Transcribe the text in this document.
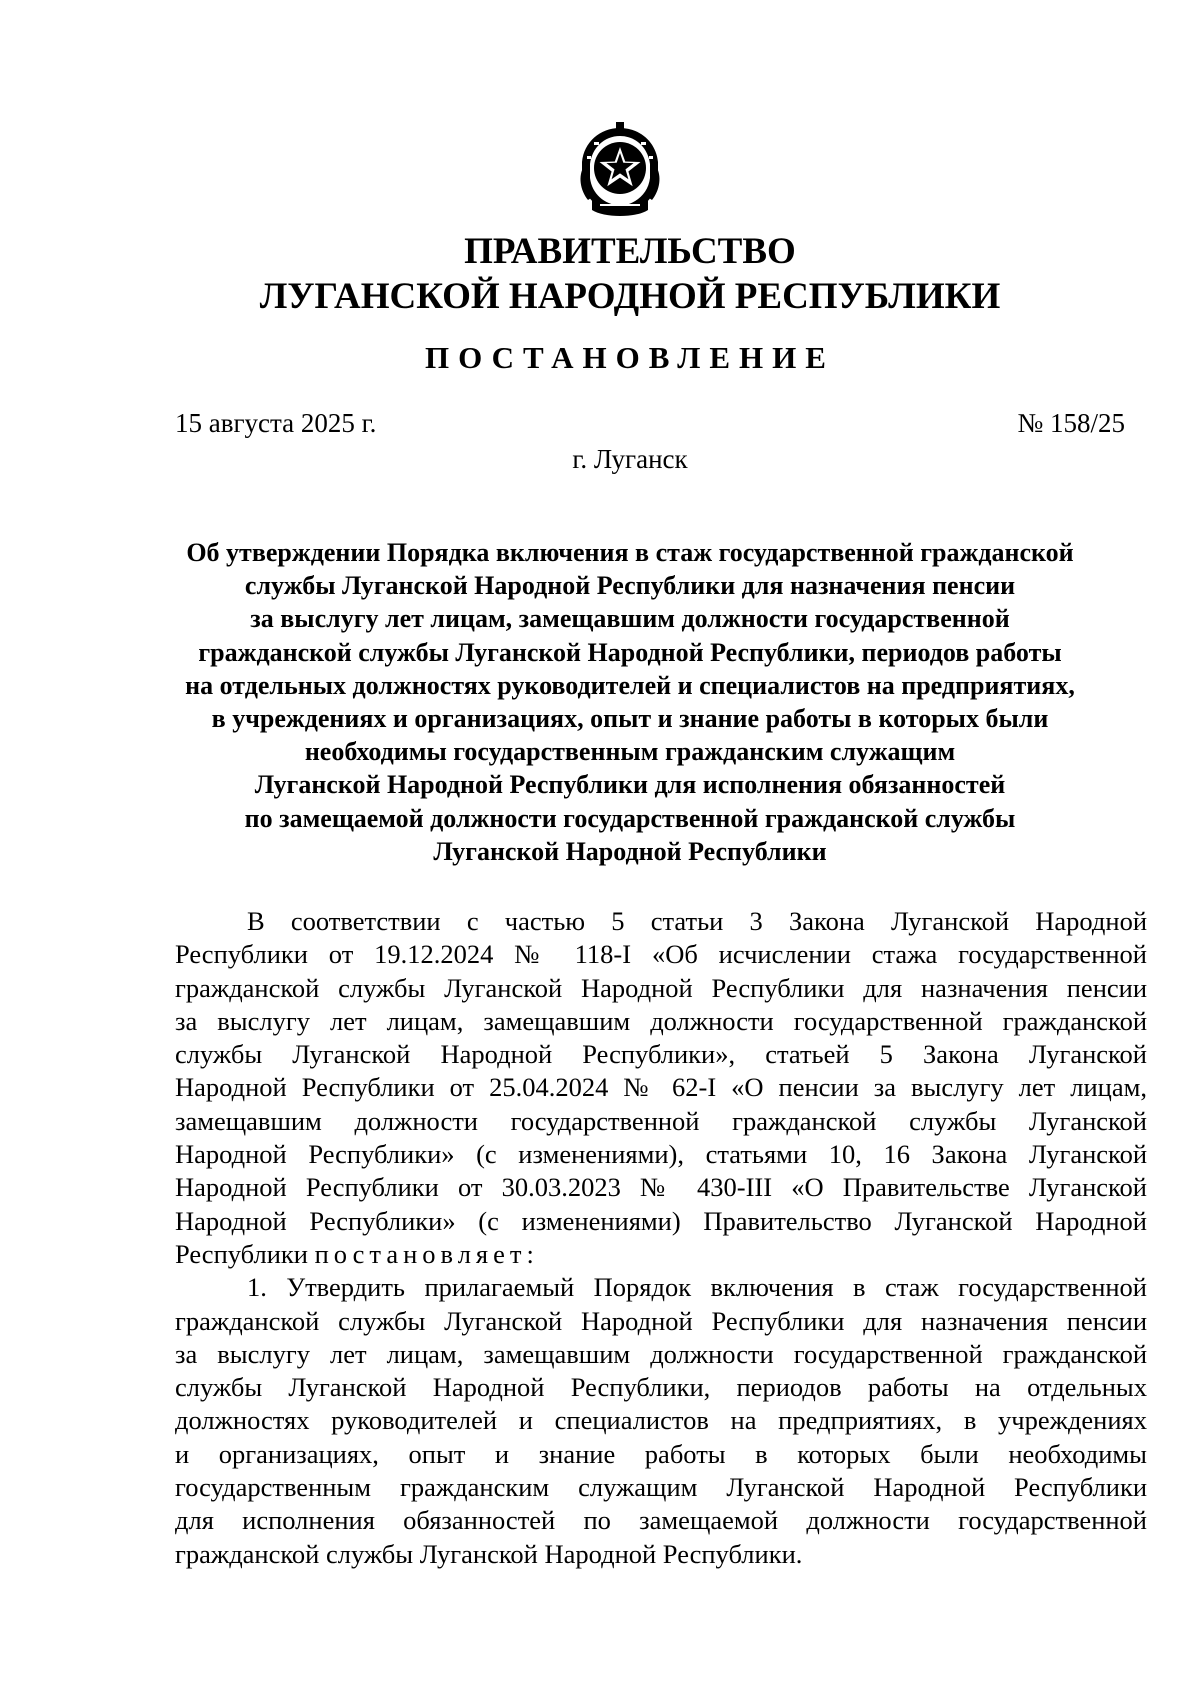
ПРАВИТЕЛЬСТВО
ЛУГАНСКОЙ НАРОДНОЙ РЕСПУБЛИКИ
ПОСТАНОВЛЕНИЕ
15 августа 2025 г.	№ 158/25
г. Луганск
Об утверждении Порядка включения в стаж государственной гражданской
службы Луганской Народной Республики для назначения пенсии
за выслугу лет лицам, замещавшим должности государственной
гражданской службы Луганской Народной Республики, периодов работы
на отдельных должностях руководителей и специалистов на предприятиях,
в учреждениях и организациях, опыт и знание работы в которых были
необходимы государственным гражданским служащим
Луганской Народной Республики для исполнения обязанностей
по замещаемой должности государственной гражданской службы
Луганской Народной Республики
В соответствии с частью 5 статьи 3 Закона Луганской Народной
Республики от 19.12.2024 № 118-I «Об исчислении стажа государственной
гражданской службы Луганской Народной Республики для назначения пенсии
за выслугу лет лицам, замещавшим должности государственной гражданской
службы Луганской Народной Республики», статьей 5 Закона Луганской
Народной Республики от 25.04.2024 № 62-I «О пенсии за выслугу лет лицам,
замещавшим должности государственной гражданской службы Луганской
Народной Республики» (с изменениями), статьями 10, 16 Закона Луганской
Народной Республики от 30.03.2023 № 430-III «О Правительстве Луганской
Народной Республики» (с изменениями) Правительство Луганской Народной
Республики постановляет:
1. Утвердить прилагаемый Порядок включения в стаж государственной
гражданской службы Луганской Народной Республики для назначения пенсии
за выслугу лет лицам, замещавшим должности государственной гражданской
службы Луганской Народной Республики, периодов работы на отдельных
должностях руководителей и специалистов на предприятиях, в учреждениях
и организациях, опыт и знание работы в которых были необходимы
государственным гражданским служащим Луганской Народной Республики
для исполнения обязанностей по замещаемой должности государственной
гражданской службы Луганской Народной Республики.
